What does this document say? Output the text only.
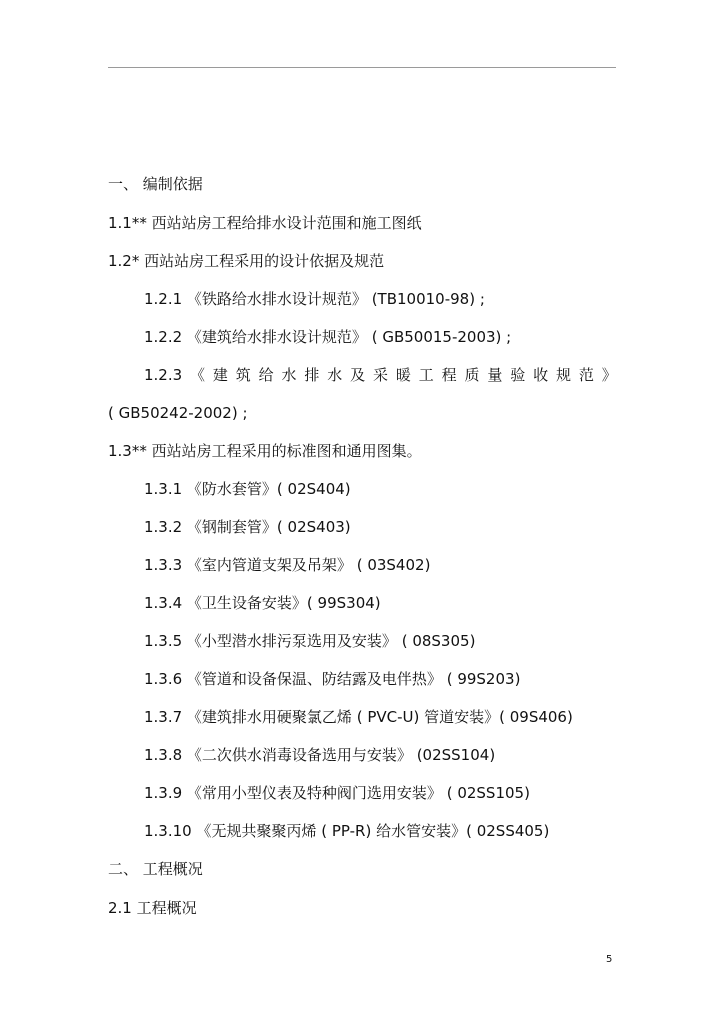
一、 编制依据
1.1** 西站站房工程给排水设计范围和施工图纸
1.2* 西站站房工程采用的设计依据及规范
1.2.1 《铁路给水排水设计规范》 (TB10010-98) ;
1.2.2 《建筑给水排水设计规范》 ( GB50015-2003) ;
1.2.3 《 建 筑 给 水 排 水 及 采 暖 工 程 质 量 验 收 规 范 》
( GB50242-2002) ;
1.3** 西站站房工程采用的标准图和通用图集。
1.3.1 《防水套管》( 02S404)
1.3.2 《钢制套管》( 02S403)
1.3.3 《室内管道支架及吊架》 ( 03S402)
1.3.4 《卫生设备安装》( 99S304)
1.3.5 《小型潜水排污泵选用及安装》 ( 08S305)
1.3.6 《管道和设备保温、防结露及电伴热》 ( 99S203)
1.3.7 《建筑排水用硬聚氯乙烯 ( PVC-U) 管道安装》( 09S406)
1.3.8 《二次供水消毒设备选用与安装》 (02SS104)
1.3.9 《常用小型仪表及特种阀门选用安装》 ( 02SS105)
1.3.10 《无规共聚聚丙烯 ( PP-R) 给水管安装》( 02SS405)
二、 工程概况
2.1 工程概况
5
